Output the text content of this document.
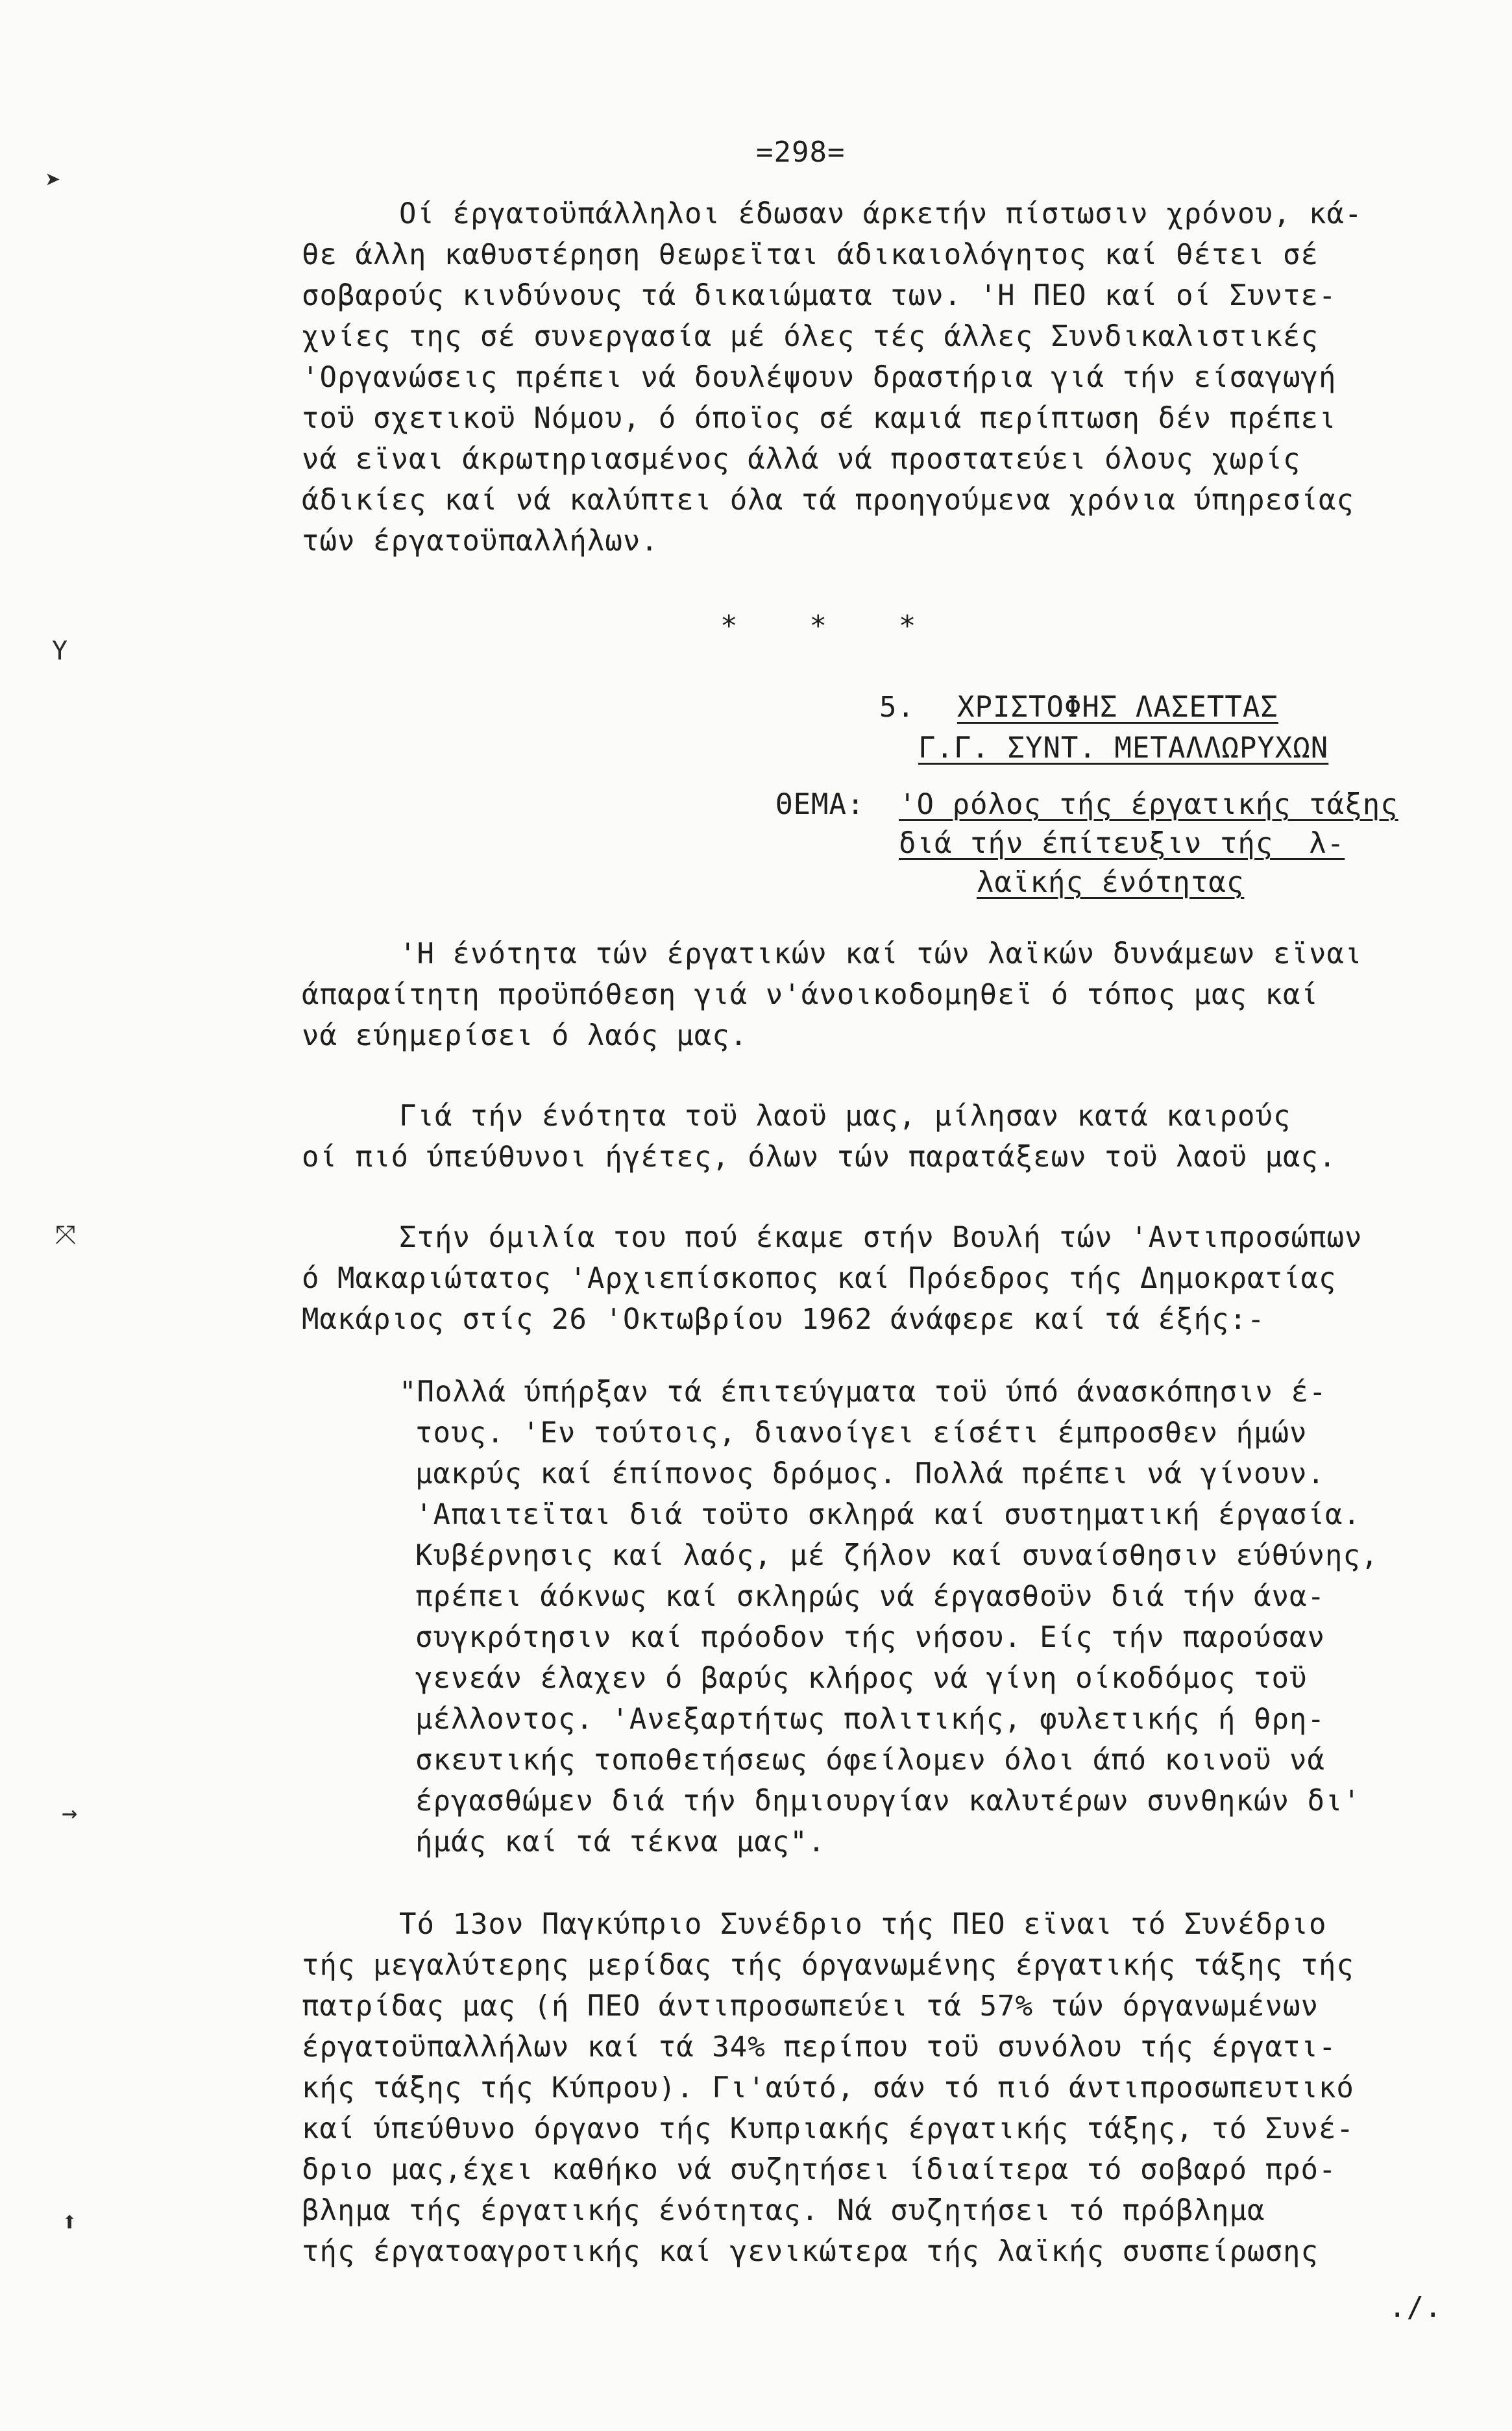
➤
Y
⤧
→
⬆
=298=
Οί έργατοϋπάλληλοι έδωσαν άρκετήν πίστωσιν χρόνου, κά-
θε άλλη καθυστέρηση θεωρεϊται άδικαιολόγητος καί θέτει σέ
σοβαρούς κινδύνους τά δικαιώματα των. 'Η ΠΕΟ καί οί Συντε-
χνίες της σέ συνεργασία μέ όλες τές άλλες Συνδικαλιστικές
'Οργανώσεις πρέπει νά δουλέψουν δραστήρια γιά τήν είσαγωγή
τοϋ σχετικοϋ Νόμου, ό όποϊος σέ καμιά περίπτωση δέν πρέπει
νά εϊναι άκρωτηριασμένος άλλά νά προστατεύει όλους χωρίς
άδικίες καί νά καλύπτει όλα τά προηγούμενα χρόνια ύπηρεσίας
τών έργατοϋπαλλήλων.
*    *    *
5. ΧΡΙΣΤΟΦΗΣ ΛΑΣΕΤΤΑΣ
Γ.Γ. ΣΥΝΤ. ΜΕΤΑΛΛΩΡΥΧΩΝ
ΘΕΜΑ: 'Ο ρόλος τής έργατικής τάξης
διά τήν έπίτευξιν τής  λ-
λαϊκής ένότητας
'Η ένότητα τών έργατικών καί τών λαϊκών δυνάμεων εϊναι
άπαραίτητη προϋπόθεση γιά ν'άνοικοδομηθεϊ ό τόπος μας καί
νά εύημερίσει ό λαός μας.
Γιά τήν ένότητα τοϋ λαοϋ μας, μίλησαν κατά καιρούς
οί πιό ύπεύθυνοι ήγέτες, όλων τών παρατάξεων τοϋ λαοϋ μας.
Στήν όμιλία του πού έκαμε στήν Βουλή τών 'Αντιπροσώπων
ό Μακαριώτατος 'Αρχιεπίσκοπος καί Πρόεδρος τής Δημοκρατίας
Μακάριος στίς 26 'Οκτωβρίου 1962 άνάφερε καί τά έξής:-
"Πολλά ύπήρξαν τά έπιτεύγματα τοϋ ύπό άνασκόπησιν έ-
τους. 'Εν τούτοις, διανοίγει είσέτι έμπροσθεν ήμών
μακρύς καί έπίπονος δρόμος. Πολλά πρέπει νά γίνουν.
'Απαιτεϊται διά τοϋτο σκληρά καί συστηματική έργασία.
Κυβέρνησις καί λαός, μέ ζήλον καί συναίσθησιν εύθύνης,
πρέπει άόκνως καί σκληρώς νά έργασθοϋν διά τήν άνα-
συγκρότησιν καί πρόοδον τής νήσου. Είς τήν παρούσαν
γενεάν έλαχεν ό βαρύς κλήρος νά γίνη οίκοδόμος τοϋ
μέλλοντος. 'Ανεξαρτήτως πολιτικής, φυλετικής ή θρη-
σκευτικής τοποθετήσεως όφείλομεν όλοι άπό κοινοϋ νά
έργασθώμεν διά τήν δημιουργίαν καλυτέρων συνθηκών δι'
ήμάς καί τά τέκνα μας".
Τό 13ον Παγκύπριο Συνέδριο τής ΠΕΟ εϊναι τό Συνέδριο
τής μεγαλύτερης μερίδας τής όργανωμένης έργατικής τάξης τής
πατρίδας μας (ή ΠΕΟ άντιπροσωπεύει τά 57% τών όργανωμένων
έργατοϋπαλλήλων καί τά 34% περίπου τοϋ συνόλου τής έργατι-
κής τάξης τής Κύπρου). Γι'αύτό, σάν τό πιό άντιπροσωπευτικό
καί ύπεύθυνο όργανο τής Κυπριακής έργατικής τάξης, τό Συνέ-
δριο μας,έχει καθήκο νά συζητήσει ίδιαίτερα τό σοβαρό πρό-
βλημα τής έργατικής ένότητας. Νά συζητήσει τό πρόβλημα
τής έργατοαγροτικής καί γενικώτερα τής λαϊκής συσπείρωσης
./.
